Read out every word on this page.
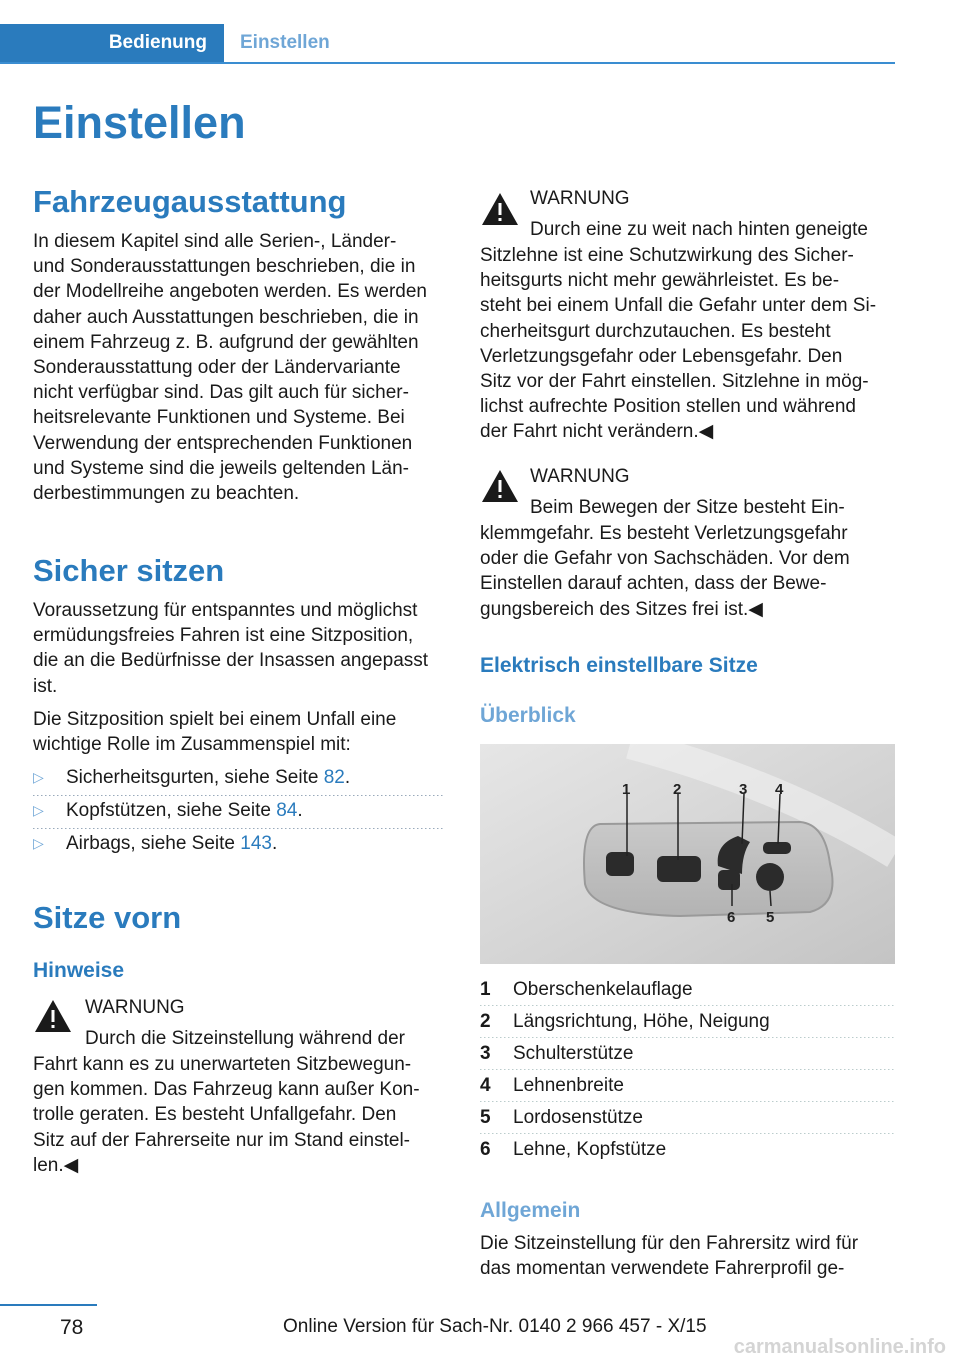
Bedienung	Einstellen
Einstellen
Fahrzeugausstattung

In diesem Kapitel sind alle Serien-, Länder-

und Sonderausstattungen beschrieben, die in

der Modellreihe angeboten werden. Es werden

daher auch Ausstattungen beschrieben, die in

einem Fahrzeug z. B. aufgrund der gewählten

Sonderausstattung oder der Ländervariante

nicht verfügbar sind. Das gilt auch für sicher-

heitsrelevante Funktionen und Systeme. Bei

Verwendung der entsprechenden Funktionen

und Systeme sind die jeweils geltenden Län-

derbestimmungen zu beachten.

Sicher sitzen

Voraussetzung für entspanntes und möglichst

ermüdungsfreies Fahren ist eine Sitzposition,

die an die Bedürfnisse der Insassen angepasst

ist.

Die Sitzposition spielt bei einem Unfall eine

wichtige Rolle im Zusammenspiel mit:

▷ Sicherheitsgurten, siehe Seite 82.
▷ Kopfstützen, siehe Seite 84.
▷ Airbags, siehe Seite 143.
Sitze vorn
Hinweise
WARNUNG
Durch die Sitzeinstellung während der
Fahrt kann es zu unerwarteten Sitzbewegun-
gen kommen. Das Fahrzeug kann außer Kon-
trolle geraten. Es besteht Unfallgefahr. Den
Sitz auf der Fahrerseite nur im Stand einstel-
len.◀
WARNUNG
Durch eine zu weit nach hinten geneigte
Sitzlehne ist eine Schutzwirkung des Sicher-
heitsgurts nicht mehr gewährleistet. Es be-
steht bei einem Unfall die Gefahr unter dem Si-
cherheitsgurt durchzutauchen. Es besteht
Verletzungsgefahr oder Lebensgefahr. Den
Sitz vor der Fahrt einstellen. Sitzlehne in mög-
lichst aufrechte Position stellen und während
der Fahrt nicht verändern.◀
WARNUNG
Beim Bewegen der Sitze besteht Ein-
klemmgefahr. Es besteht Verletzungsgefahr
oder die Gefahr von Sachschäden. Vor dem
Einstellen darauf achten, dass der Bewe-
gungsbereich des Sitzes frei ist.◀
Elektrisch einstellbare Sitze
Überblick
1	2	3 4
5
6
1 Oberschenkelauflage
2 Längsrichtung, Höhe, Neigung
3 Schulterstütze
4 Lehnenbreite
5 Lordosenstütze
6 Lehne, Kopfstütze
Allgemein

Die Sitzeinstellung für den Fahrersitz wird für

das momentan verwendete Fahrerprofil ge-

78	Online Version für Sach-Nr. 0140 2 966 457 - X/15
carmanualsonline.info
